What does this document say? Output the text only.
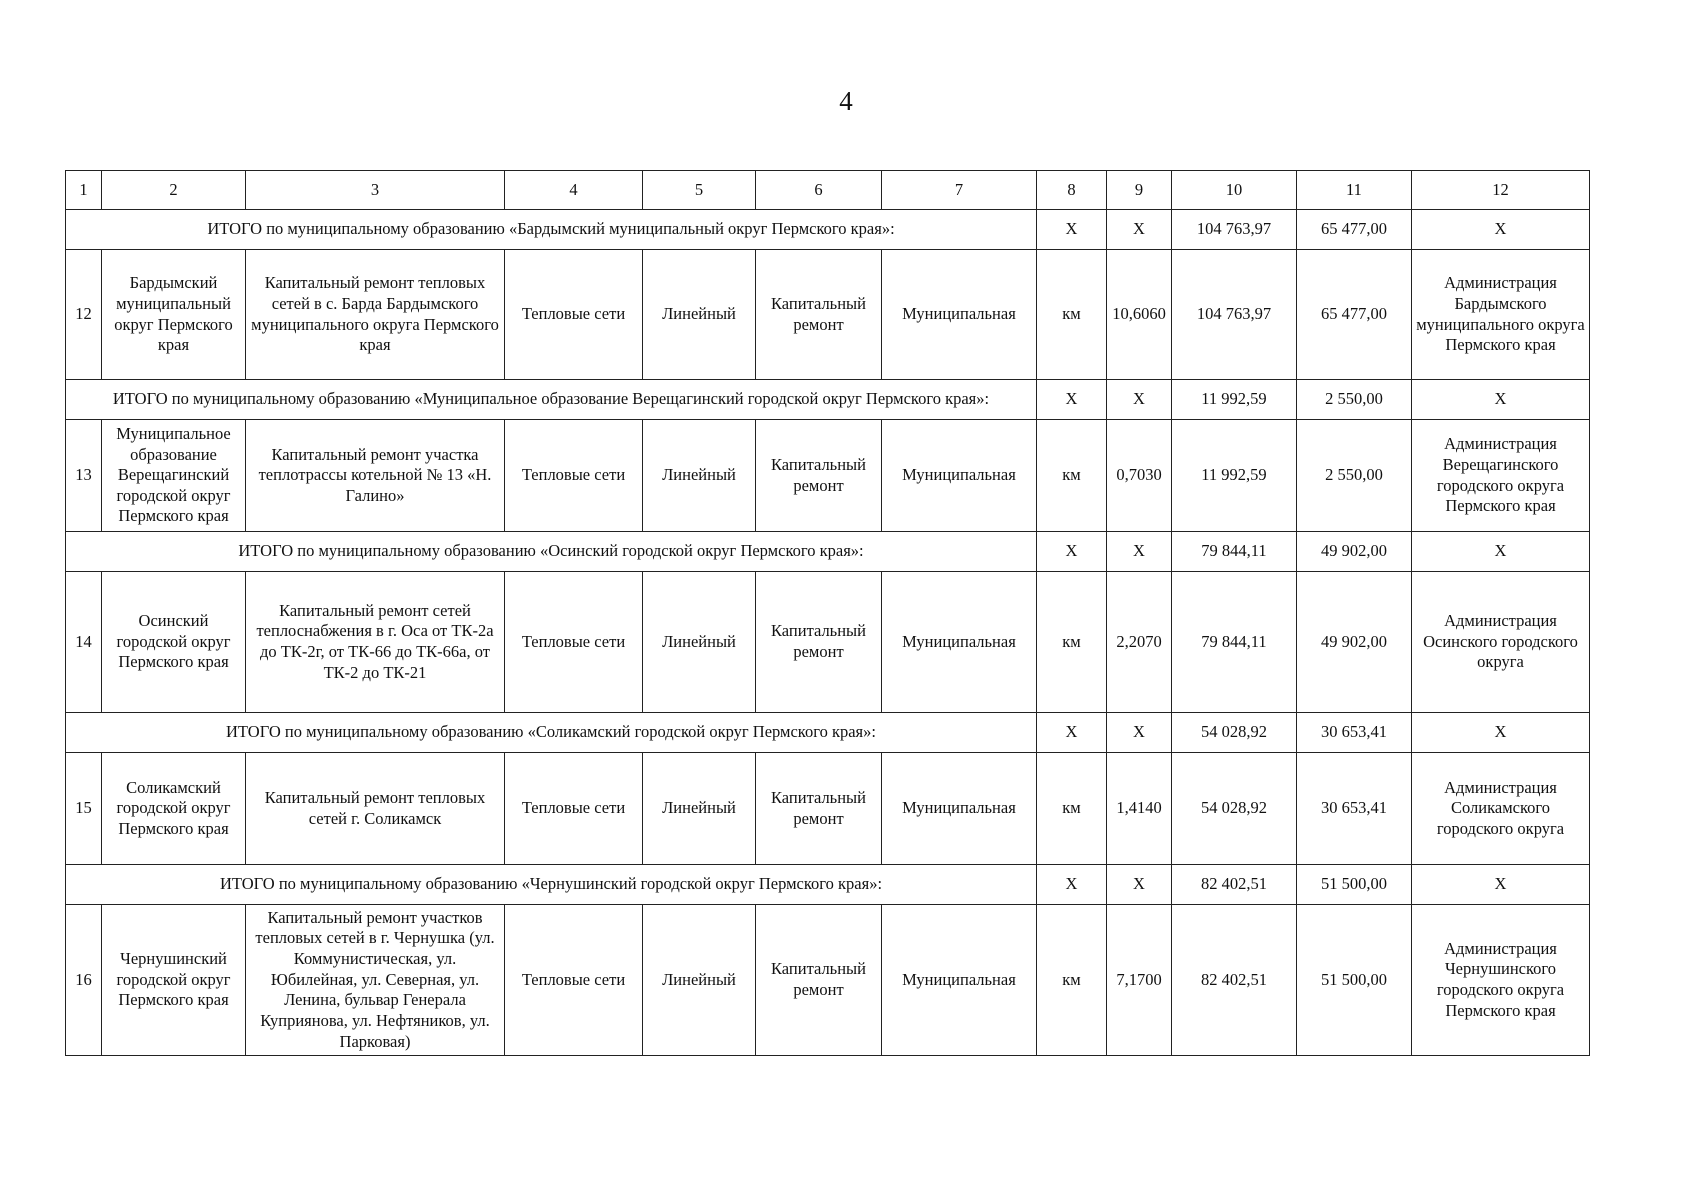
4
1	2	3	4	5	6	7	8	9	10	11	12
ИТОГО по муниципальному образованию «Бардымский муниципальный округ Пермского края»:							Х	Х	104 763,97	65 477,00	Х
12	Бардымский муниципальный округ Пермского края	Капитальный ремонт тепловых сетей в с. Барда Бардымского муниципального округа Пермского края	Тепловые сети	Линейный	Капитальный ремонт	Муниципальная	км	10,6060	104 763,97	65 477,00	Администрация Бардымского муниципального округа Пермского края
ИТОГО по муниципальному образованию «Муниципальное образование Верещагинский городской округ Пермского края»:							Х	Х	11 992,59	2 550,00	Х
13	Муниципальное образование Верещагинский городской округ Пермского края	Капитальный ремонт участка теплотрассы котельной № 13 «Н. Галино»	Тепловые сети	Линейный	Капитальный ремонт	Муниципальная	км	0,7030	11 992,59	2 550,00	Администрация Верещагинского городского округа Пермского края
ИТОГО по муниципальному образованию «Осинский городской округ Пермского края»:							Х	Х	79 844,11	49 902,00	Х
14	Осинский городской округ Пермского края	Капитальный ремонт сетей теплоснабжения в г. Оса от ТК-2а до ТК-2г, от ТК-66 до ТК-66а, от ТК-2 до ТК-21	Тепловые сети	Линейный	Капитальный ремонт	Муниципальная	км	2,2070	79 844,11	49 902,00	Администрация Осинского городского округа
ИТОГО по муниципальному образованию «Соликамский городской округ Пермского края»:							Х	Х	54 028,92	30 653,41	Х
15	Соликамский городской округ Пермского края	Капитальный ремонт тепловых сетей г. Соликамск	Тепловые сети	Линейный	Капитальный ремонт	Муниципальная	км	1,4140	54 028,92	30 653,41	Администрация Соликамского городского округа
ИТОГО по муниципальному образованию «Чернушинский городской округ Пермского края»:							Х	Х	82 402,51	51 500,00	Х
16	Чернушинский городской округ Пермского края	Капитальный ремонт участков тепловых сетей в г. Чернушка (ул. Коммунистическая, ул. Юбилейная, ул. Северная, ул. Ленина, бульвар Генерала Куприянова, ул. Нефтяников, ул. Парковая)	Тепловые сети	Линейный	Капитальный ремонт	Муниципальная	км	7,1700	82 402,51	51 500,00	Администрация Чернушинского городского округа Пермского края
